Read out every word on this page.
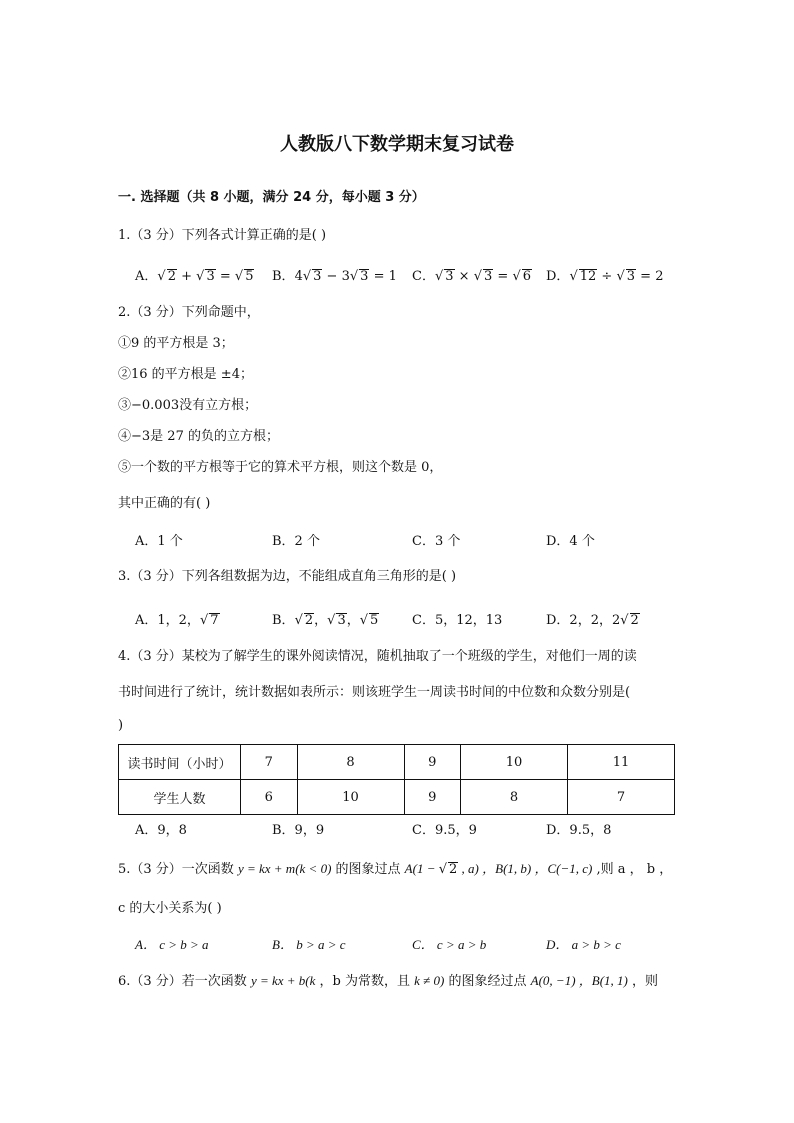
人教版八下数学期末复习试卷
一. 选择题（共 8 小题，满分 24 分，每小题 3 分）
1.（3 分）下列各式计算正确的是( )
A．√ 2 + √ 3 = √ 5 B．4√ 3 − 3√ 3 = 1 C．√ 3 × √ 3 = √ 6 D．√ 12 ÷ √ 3 = 2
2.（3 分）下列命题中，
①9 的平方根是 3；
②16 的平方根是 ±4；
③−0.003没有立方根；
④−3是 27 的负的立方根；
⑤一个数的平方根等于它的算术平方根，则这个数是 0，
其中正确的有( )
A．1 个	B．2 个	C．3 个	D．4 个
3.（3 分）下列各组数据为边，不能组成直角三角形的是( )
A．1，2，√ 7	B．√ 2，√ 3，√ 5	C．5，12，13	D．2，2，2√ 2
4.（3 分）某校为了解学生的课外阅读情况，随机抽取了一个班级的学生，对他们一周的读
书时间进行了统计，统计数据如表所示：则该班学生一周读书时间的中位数和众数分别是(
)
读书时间（小时）	7	8	9	10	11
学生人数	6	10	9	8	7
A．9，8	B．9，9	C．9.5，9	D．9.5，8
5.（3 分）一次函数 y = kx + m(k < 0) 的图象过点 A(1 − √ 2 , a) ，B(1, b) ，C(−1, c) ,则 a ， b ，
c 的大小关系为( )
A． c > b > a	B． b > a > c	C． c > a > b	D． a > b > c
6.（3 分）若一次函数 y = kx + b(k ，b 为常数，且 k ≠ 0) 的图象经过点 A(0, −1) ，B(1, 1) ，则
